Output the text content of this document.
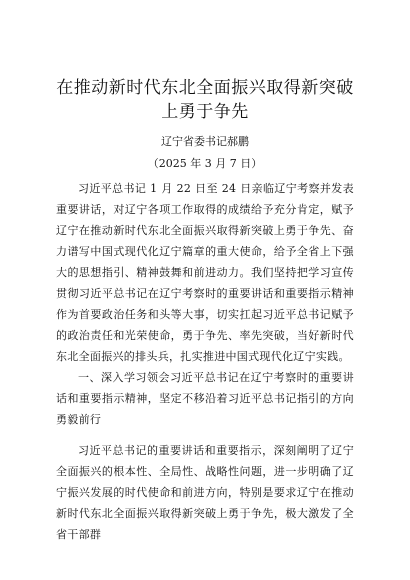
在推动新时代东北全面振兴取得新突破上勇于争先
辽宁省委书记郝鹏
（2025 年 3 月 7 日）

习近平总书记 1 月 22 日至 24 日亲临辽宁考察并发表重要讲话，对辽宁各项工作取得的成绩给予充分肯定，赋予辽宁在推动新时代东北全面振兴取得新突破上勇于争先、奋力谱写中国式现代化辽宁篇章的重大使命，给予全省上下强大的思想指引、精神鼓舞和前进动力。我们坚持把学习宣传贯彻习近平总书记在辽宁考察时的重要讲话和重要指示精神作为首要政治任务和头等大事，切实扛起习近平总书记赋予的政治责任和光荣使命，勇于争先、率先突破，当好新时代东北全面振兴的排头兵，扎实推进中国式现代化辽宁实践。

一、深入学习领会习近平总书记在辽宁考察时的重要讲话和重要指示精神，坚定不移沿着习近平总书记指引的方向勇毅前行

习近平总书记的重要讲话和重要指示，深刻阐明了辽宁全面振兴的根本性、全局性、战略性问题，进一步明确了辽宁振兴发展的时代使命和前进方向，特别是要求辽宁在推动新时代东北全面振兴取得新突破上勇于争先，极大激发了全省干部群
